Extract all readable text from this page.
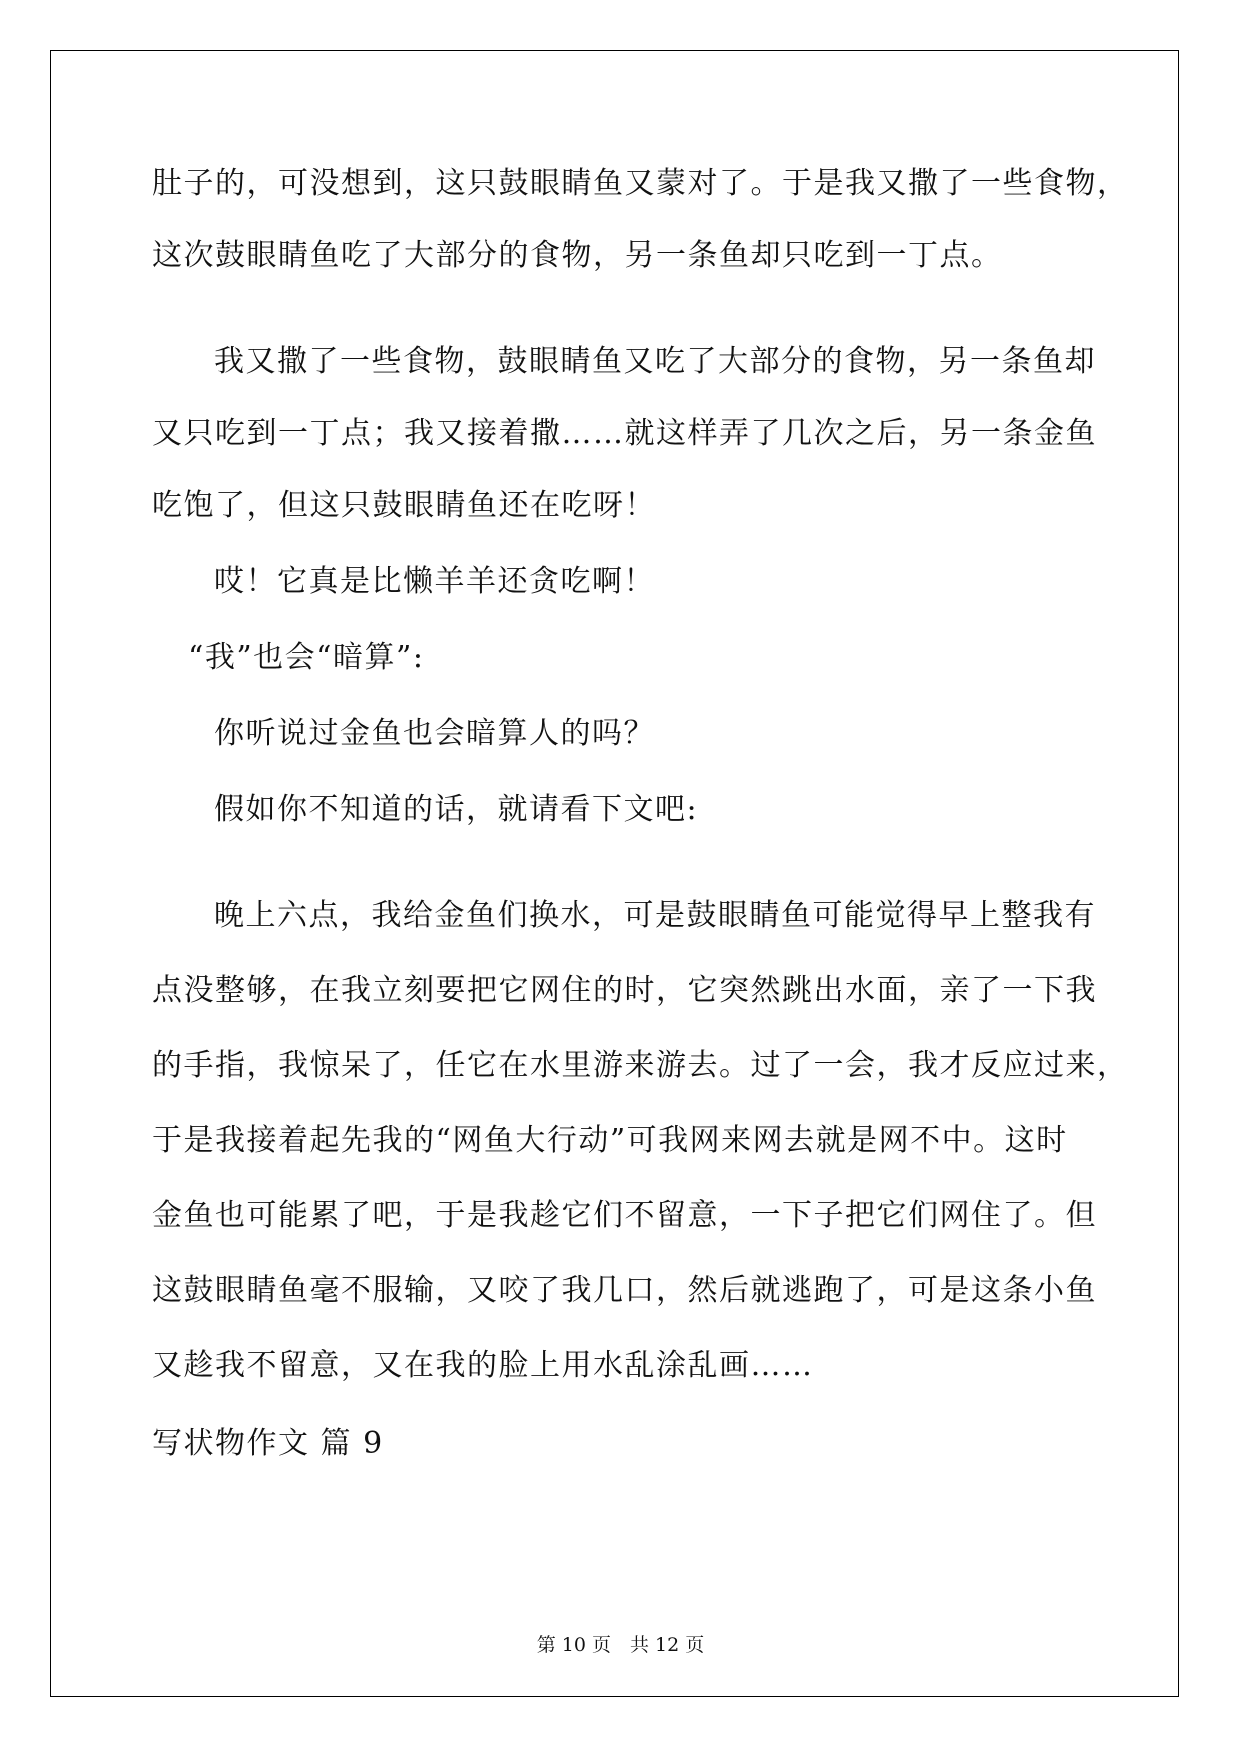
肚子的，可没想到，这只鼓眼睛鱼又蒙对了。于是我又撒了一些食物，
这次鼓眼睛鱼吃了大部分的食物，另一条鱼却只吃到一丁点。
我又撒了一些食物，鼓眼睛鱼又吃了大部分的食物，另一条鱼却
又只吃到一丁点；我又接着撒……就这样弄了几次之后，另一条金鱼
吃饱了，但这只鼓眼睛鱼还在吃呀！
哎！它真是比懒羊羊还贪吃啊！
“我”也会“暗算”:
你听说过金鱼也会暗算人的吗？
假如你不知道的话，就请看下文吧:
晚上六点，我给金鱼们换水，可是鼓眼睛鱼可能觉得早上整我有
点没整够，在我立刻要把它网住的时，它突然跳出水面，亲了一下我
的手指，我惊呆了，任它在水里游来游去。过了一会，我才反应过来，
于是我接着起先我的“网鱼大行动”可我网来网去就是网不中。这时
金鱼也可能累了吧，于是我趁它们不留意，一下子把它们网住了。但
这鼓眼睛鱼毫不服输，又咬了我几口，然后就逃跑了，可是这条小鱼
又趁我不留意，又在我的脸上用水乱涂乱画……
写状物作文 篇 9
第 10 页　共 12 页
